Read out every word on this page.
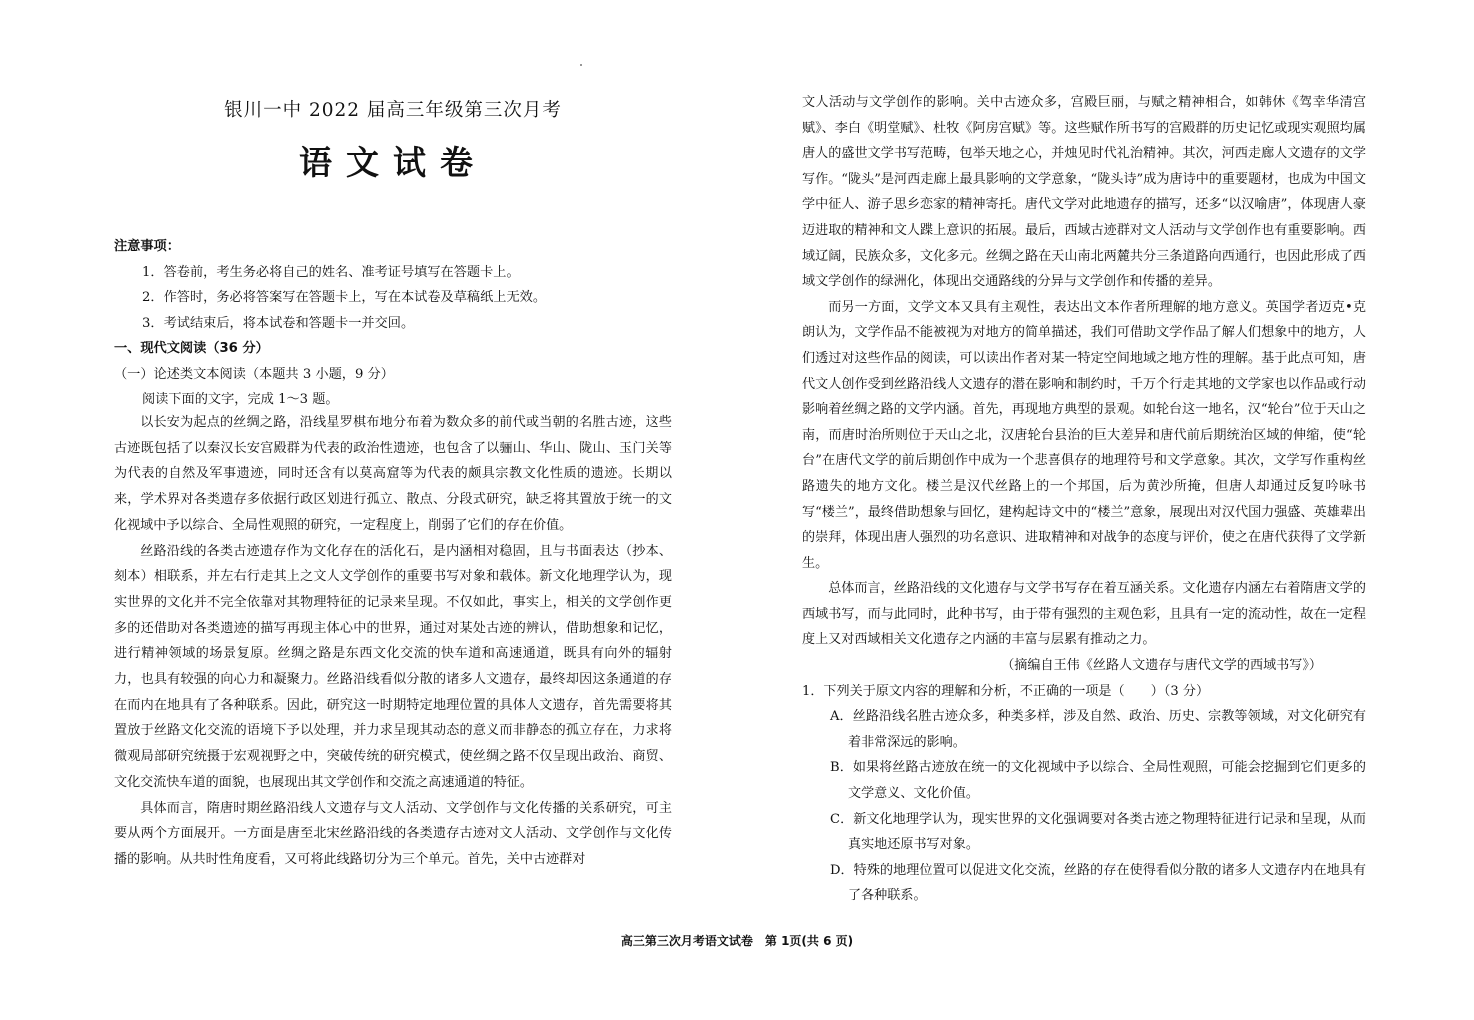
银川一中 2022 届高三年级第三次月考
语文试卷
注意事项：
1．答卷前，考生务必将自己的姓名、准考证号填写在答题卡上。
2．作答时，务必将答案写在答题卡上，写在本试卷及草稿纸上无效。
3．考试结束后，将本试卷和答题卡一并交回。
一、现代文阅读（36 分）
（一）论述类文本阅读（本题共 3 小题，9 分）
阅读下面的文字，完成 1～3 题。

以长安为起点的丝绸之路，沿线星罗棋布地分布着为数众多的前代或当朝的名胜古迹，这些古迹既包括了以秦汉长安宫殿群为代表的政治性遗迹，也包含了以骊山、华山、陇山、玉门关等为代表的自然及军事遗迹，同时还含有以莫高窟等为代表的颇具宗教文化性质的遗迹。长期以来，学术界对各类遗存多依据行政区划进行孤立、散点、分段式研究，缺乏将其置放于统一的文化视域中予以综合、全局性观照的研究，一定程度上，削弱了它们的存在价值。

丝路沿线的各类古迹遗存作为文化存在的活化石，是内涵相对稳固，且与书面表达（抄本、刻本）相联系，并左右行走其上之文人文学创作的重要书写对象和载体。新文化地理学认为，现实世界的文化并不完全依靠对其物理特征的记录来呈现。不仅如此，事实上，相关的文学创作更多的还借助对各类遗迹的描写再现主体心中的世界，通过对某处古迹的辨认，借助想象和记忆，进行精神领域的场景复原。丝绸之路是东西文化交流的快车道和高速通道，既具有向外的辐射力，也具有较强的向心力和凝聚力。丝路沿线看似分散的诸多人文遗存，最终却因这条通道的存在而内在地具有了各种联系。因此，研究这一时期特定地理位置的具体人文遗存，首先需要将其置放于丝路文化交流的语境下予以处理，并力求呈现其动态的意义而非静态的孤立存在，力求将微观局部研究统摄于宏观视野之中，突破传统的研究模式，使丝绸之路不仅呈现出政治、商贸、文化交流快车道的面貌，也展现出其文学创作和交流之高速通道的特征。

具体而言，隋唐时期丝路沿线人文遗存与文人活动、文学创作与文化传播的关系研究，可主要从两个方面展开。一方面是唐至北宋丝路沿线的各类遗存古迹对文人活动、文学创作与文化传播的影响。从共时性角度看，又可将此线路切分为三个单元。首先，关中古迹群对

文人活动与文学创作的影响。关中古迹众多，宫殿巨丽，与赋之精神相合，如韩休《驾幸华清宫赋》、李白《明堂赋》、杜牧《阿房宫赋》等。这些赋作所书写的宫殿群的历史记忆或现实观照均属唐人的盛世文学书写范畴，包举天地之心，并烛见时代礼治精神。其次，河西走廊人文遗存的文学写作。“陇头”是河西走廊上最具影响的文学意象，“陇头诗”成为唐诗中的重要题材，也成为中国文学中征人、游子思乡恋家的精神寄托。唐代文学对此地遗存的描写，还多“以汉喻唐”，体现唐人豪迈进取的精神和文人蹀上意识的拓展。最后，西域古迹群对文人活动与文学创作也有重要影响。西域辽阔，民族众多，文化多元。丝绸之路在天山南北两麓共分三条道路向西通行，也因此形成了西域文学创作的绿洲化，体现出交通路线的分异与文学创作和传播的差异。

而另一方面，文学文本又具有主观性，表达出文本作者所理解的地方意义。英国学者迈克•克朗认为，文学作品不能被视为对地方的简单描述，我们可借助文学作品了解人们想象中的地方，人们透过对这些作品的阅读，可以读出作者对某一特定空间地域之地方性的理解。基于此点可知，唐代文人创作受到丝路沿线人文遗存的潜在影响和制约时，千万个行走其地的文学家也以作品或行动影响着丝绸之路的文学内涵。首先，再现地方典型的景观。如轮台这一地名，汉“轮台”位于天山之南，而唐时治所则位于天山之北，汉唐轮台县治的巨大差异和唐代前后期统治区域的伸缩，使“轮台”在唐代文学的前后期创作中成为一个悲喜俱存的地理符号和文学意象。其次，文学写作重构丝路遗失的地方文化。楼兰是汉代丝路上的一个邦国，后为黄沙所掩，但唐人却通过反复吟咏书写“楼兰”，最终借助想象与回忆，建构起诗文中的“楼兰”意象，展现出对汉代国力强盛、英雄辈出的崇拜，体现出唐人强烈的功名意识、进取精神和对战争的态度与评价，使之在唐代获得了文学新生。

总体而言，丝路沿线的文化遗存与文学书写存在着互涵关系。文化遗存内涵左右着隋唐文学的西域书写，而与此同时，此种书写，由于带有强烈的主观色彩，且具有一定的流动性，故在一定程度上又对西域相关文化遗存之内涵的丰富与层累有推动之力。

（摘编自王伟《丝路人文遗存与唐代文学的西域书写》）
1．下列关于原文内容的理解和分析，不正确的一项是（　　）（3 分）
A．丝路沿线名胜古迹众多，种类多样，涉及自然、政治、历史、宗教等领域，对文化研究有着非常深远的影响。
B．如果将丝路古迹放在统一的文化视域中予以综合、全局性观照，可能会挖掘到它们更多的文学意义、文化价值。
C．新文化地理学认为，现实世界的文化强调要对各类古迹之物理特征进行记录和呈现，从而真实地还原书写对象。
D．特殊的地理位置可以促进文化交流，丝路的存在使得看似分散的诸多人文遗存内在地具有了各种联系。
高三第三次月考语文试卷　第 1页(共 6 页)
